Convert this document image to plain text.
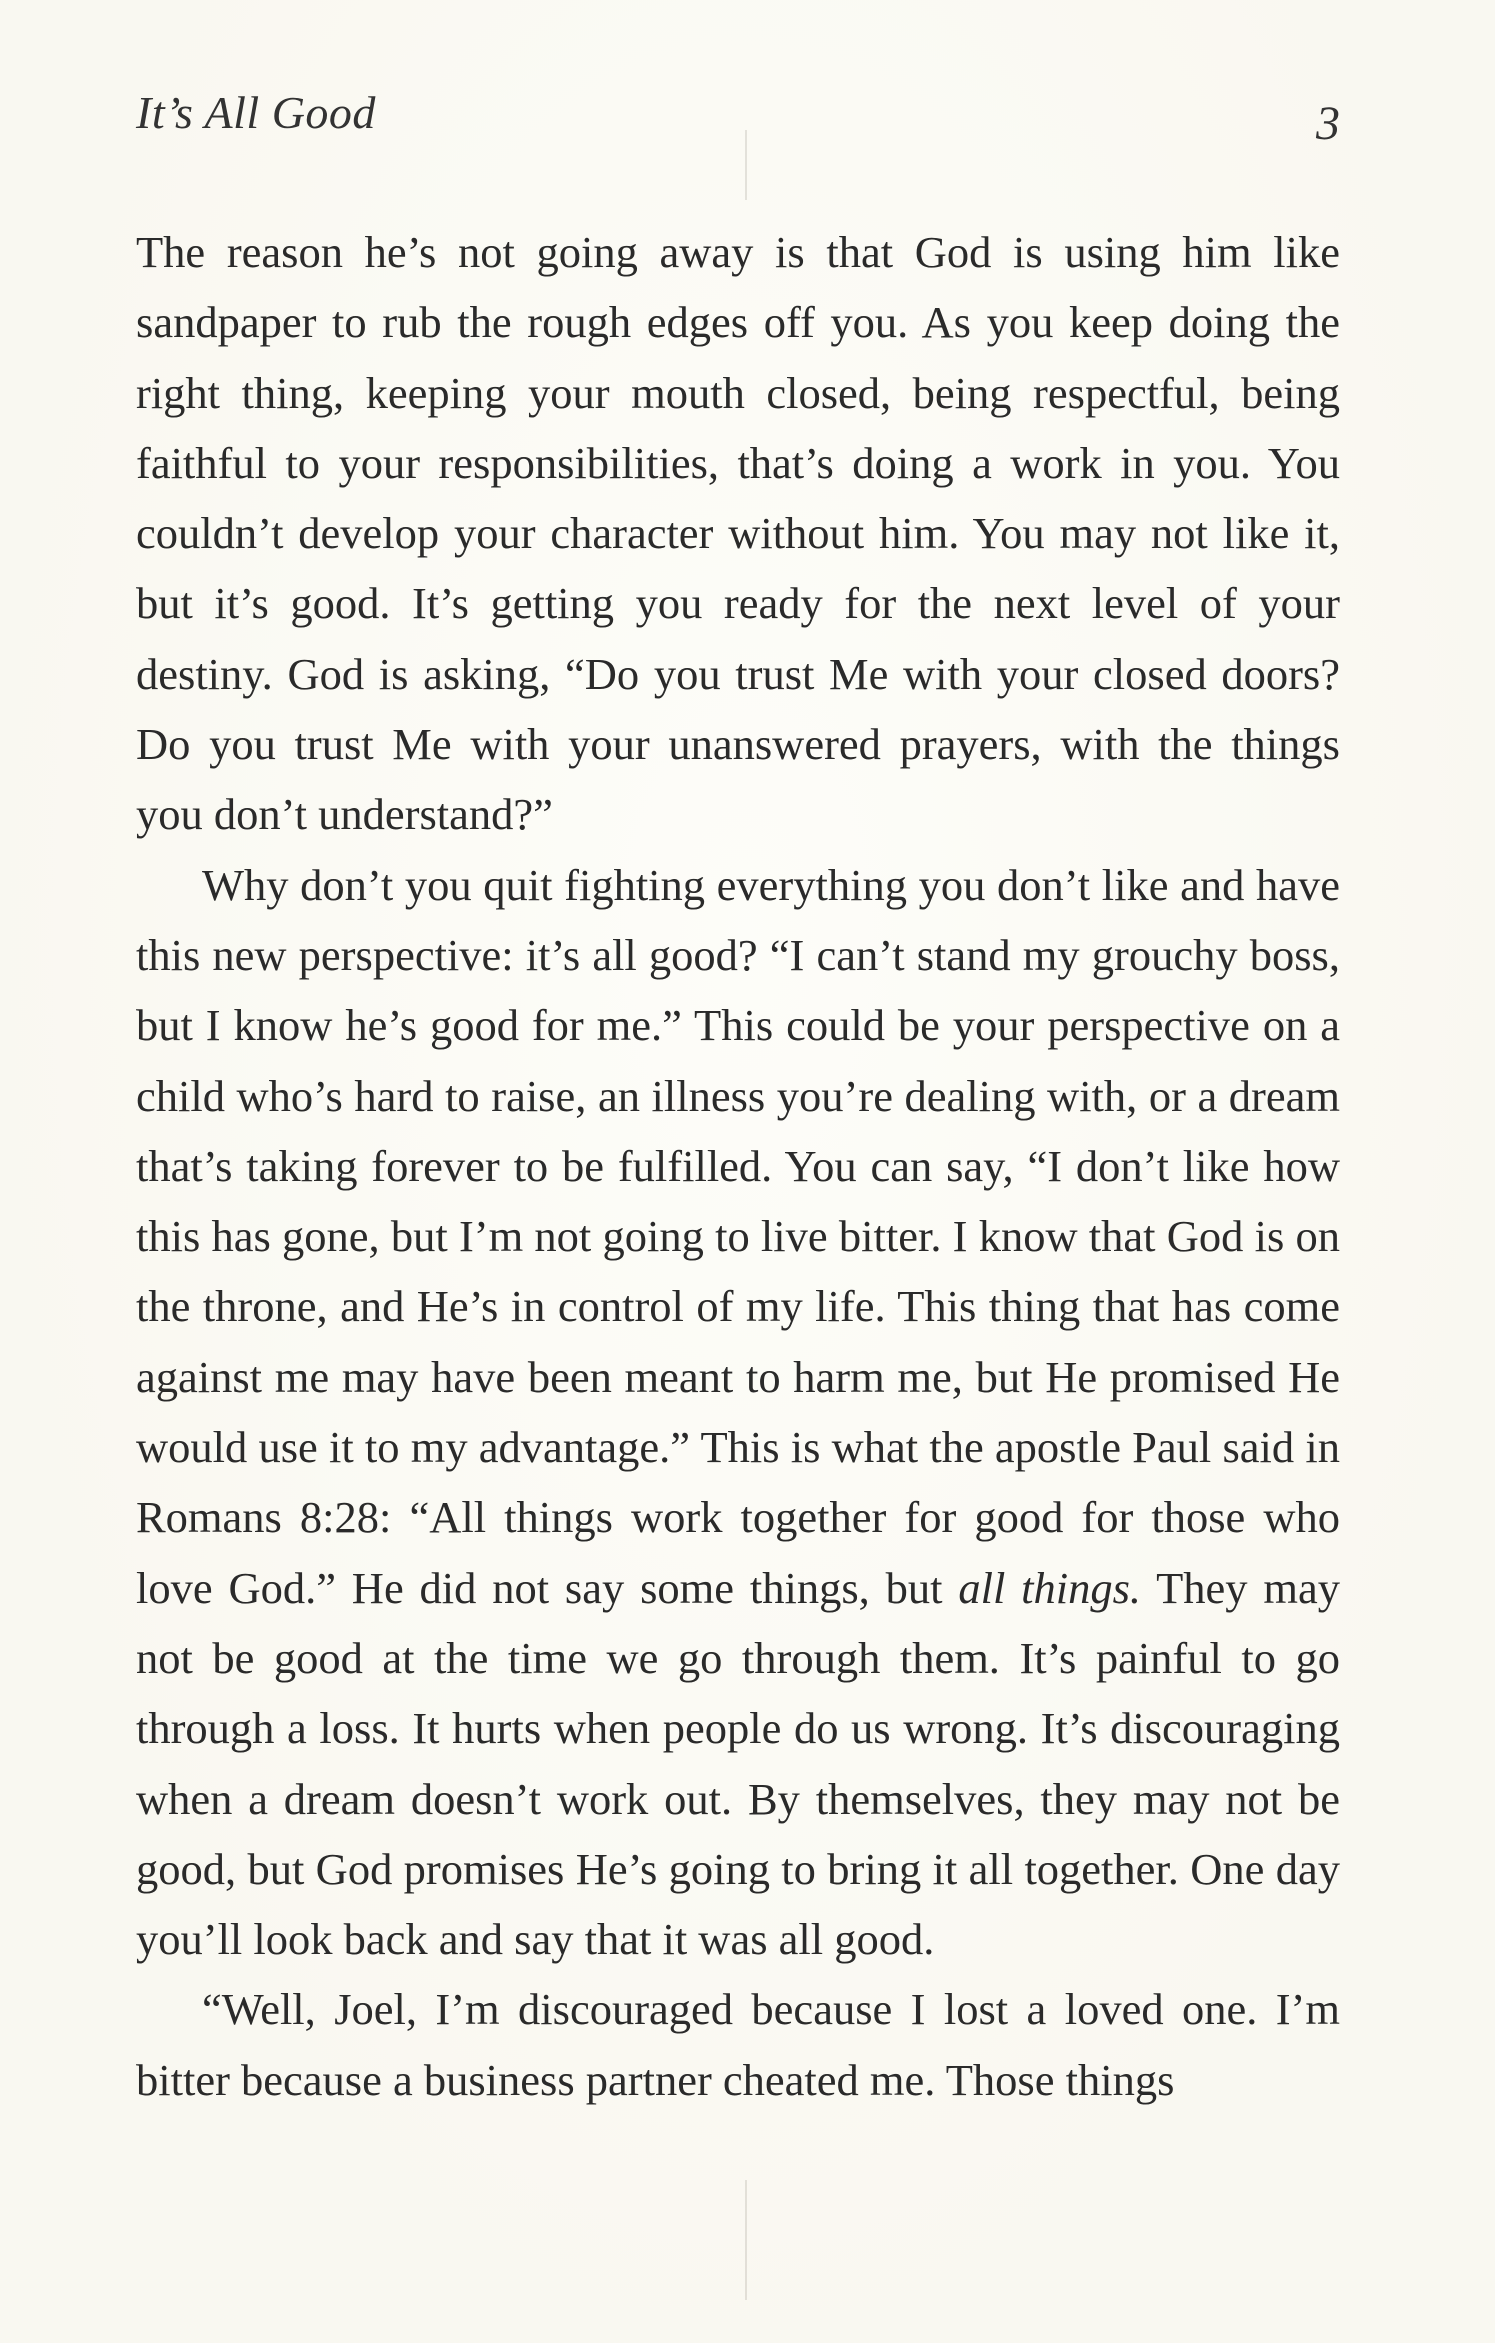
It’s All Good	3

The reason he’s not going away is that God is using him like sandpaper to rub the rough edges off you. As you keep doing the right thing, keeping your mouth closed, being respectful, being faithful to your responsibilities, that’s doing a work in you. You couldn’t develop your character without him. You may not like it, but it’s good. It’s getting you ready for the next level of your destiny. God is asking, “Do you trust Me with your closed doors? Do you trust Me with your unanswered prayers, with the things you don’t understand?”

Why don’t you quit fighting everything you don’t like and have this new perspective: it’s all good? “I can’t stand my grouchy boss, but I know he’s good for me.” This could be your perspective on a child who’s hard to raise, an illness you’re dealing with, or a dream that’s taking forever to be fulfilled. You can say, “I don’t like how this has gone, but I’m not going to live bitter. I know that God is on the throne, and He’s in control of my life. This thing that has come against me may have been meant to harm me, but He promised He would use it to my advantage.” This is what the apostle Paul said in Romans 8:28: “All things work together for good for those who love God.” He did not say some things, but all things. They may not be good at the time we go through them. It’s painful to go through a loss. It hurts when people do us wrong. It’s discouraging when a dream doesn’t work out. By themselves, they may not be good, but God promises He’s going to bring it all together. One day you’ll look back and say that it was all good.

“Well, Joel, I’m discouraged because I lost a loved one. I’m bitter because a business partner cheated me. Those things
